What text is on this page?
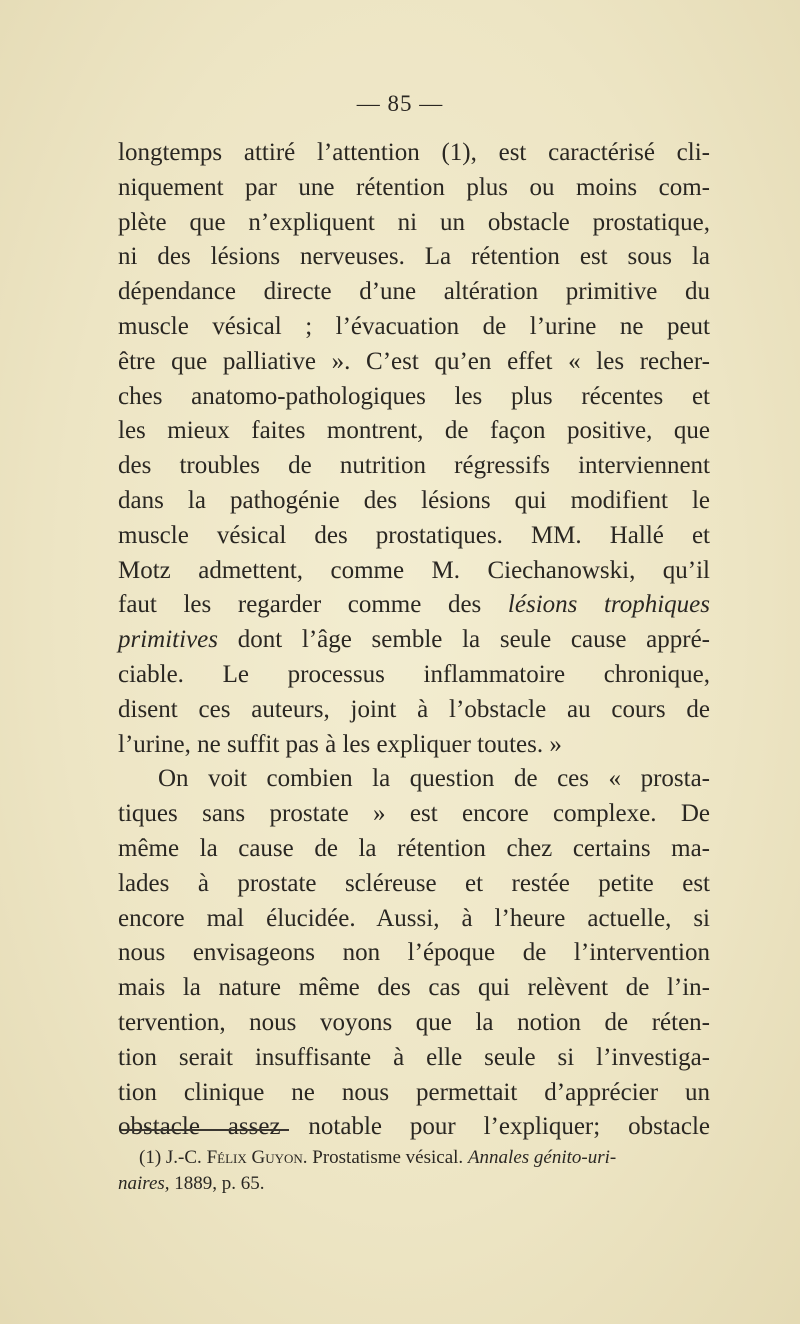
— 85 —
longtemps attiré l’attention (1), est caractérisé cli-
niquement par une rétention plus ou moins com-
plète que n’expliquent ni un obstacle prostatique,
ni des lésions nerveuses. La rétention est sous la
dépendance directe d’une altération primitive du
muscle vésical ; l’évacuation de l’urine ne peut
être que palliative ». C’est qu’en effet « les recher-
ches anatomo-pathologiques les plus récentes et
les mieux faites montrent, de façon positive, que
des troubles de nutrition régressifs interviennent
dans la pathogénie des lésions qui modifient le
muscle vésical des prostatiques. MM. Hallé et
Motz admettent, comme M. Ciechanowski, qu’il
faut les regarder comme des lésions trophiques
primitives dont l’âge semble la seule cause appré-
ciable. Le processus inflammatoire chronique,
disent ces auteurs, joint à l’obstacle au cours de
l’urine, ne suffit pas à les expliquer toutes. »
On voit combien la question de ces « prosta-
tiques sans prostate » est encore complexe. De
même la cause de la rétention chez certains ma-
lades à prostate scléreuse et restée petite est
encore mal élucidée. Aussi, à l’heure actuelle, si
nous envisageons non l’époque de l’intervention
mais la nature même des cas qui relèvent de l’in-
tervention, nous voyons que la notion de réten-
tion serait insuffisante à elle seule si l’investiga-
tion clinique ne nous permettait d’apprécier un
obstacle assez notable pour l’expliquer; obstacle
(1) J.-C. Félix Guyon. Prostatisme vésical. Annales génito-uri-
naires, 1889, p. 65.
